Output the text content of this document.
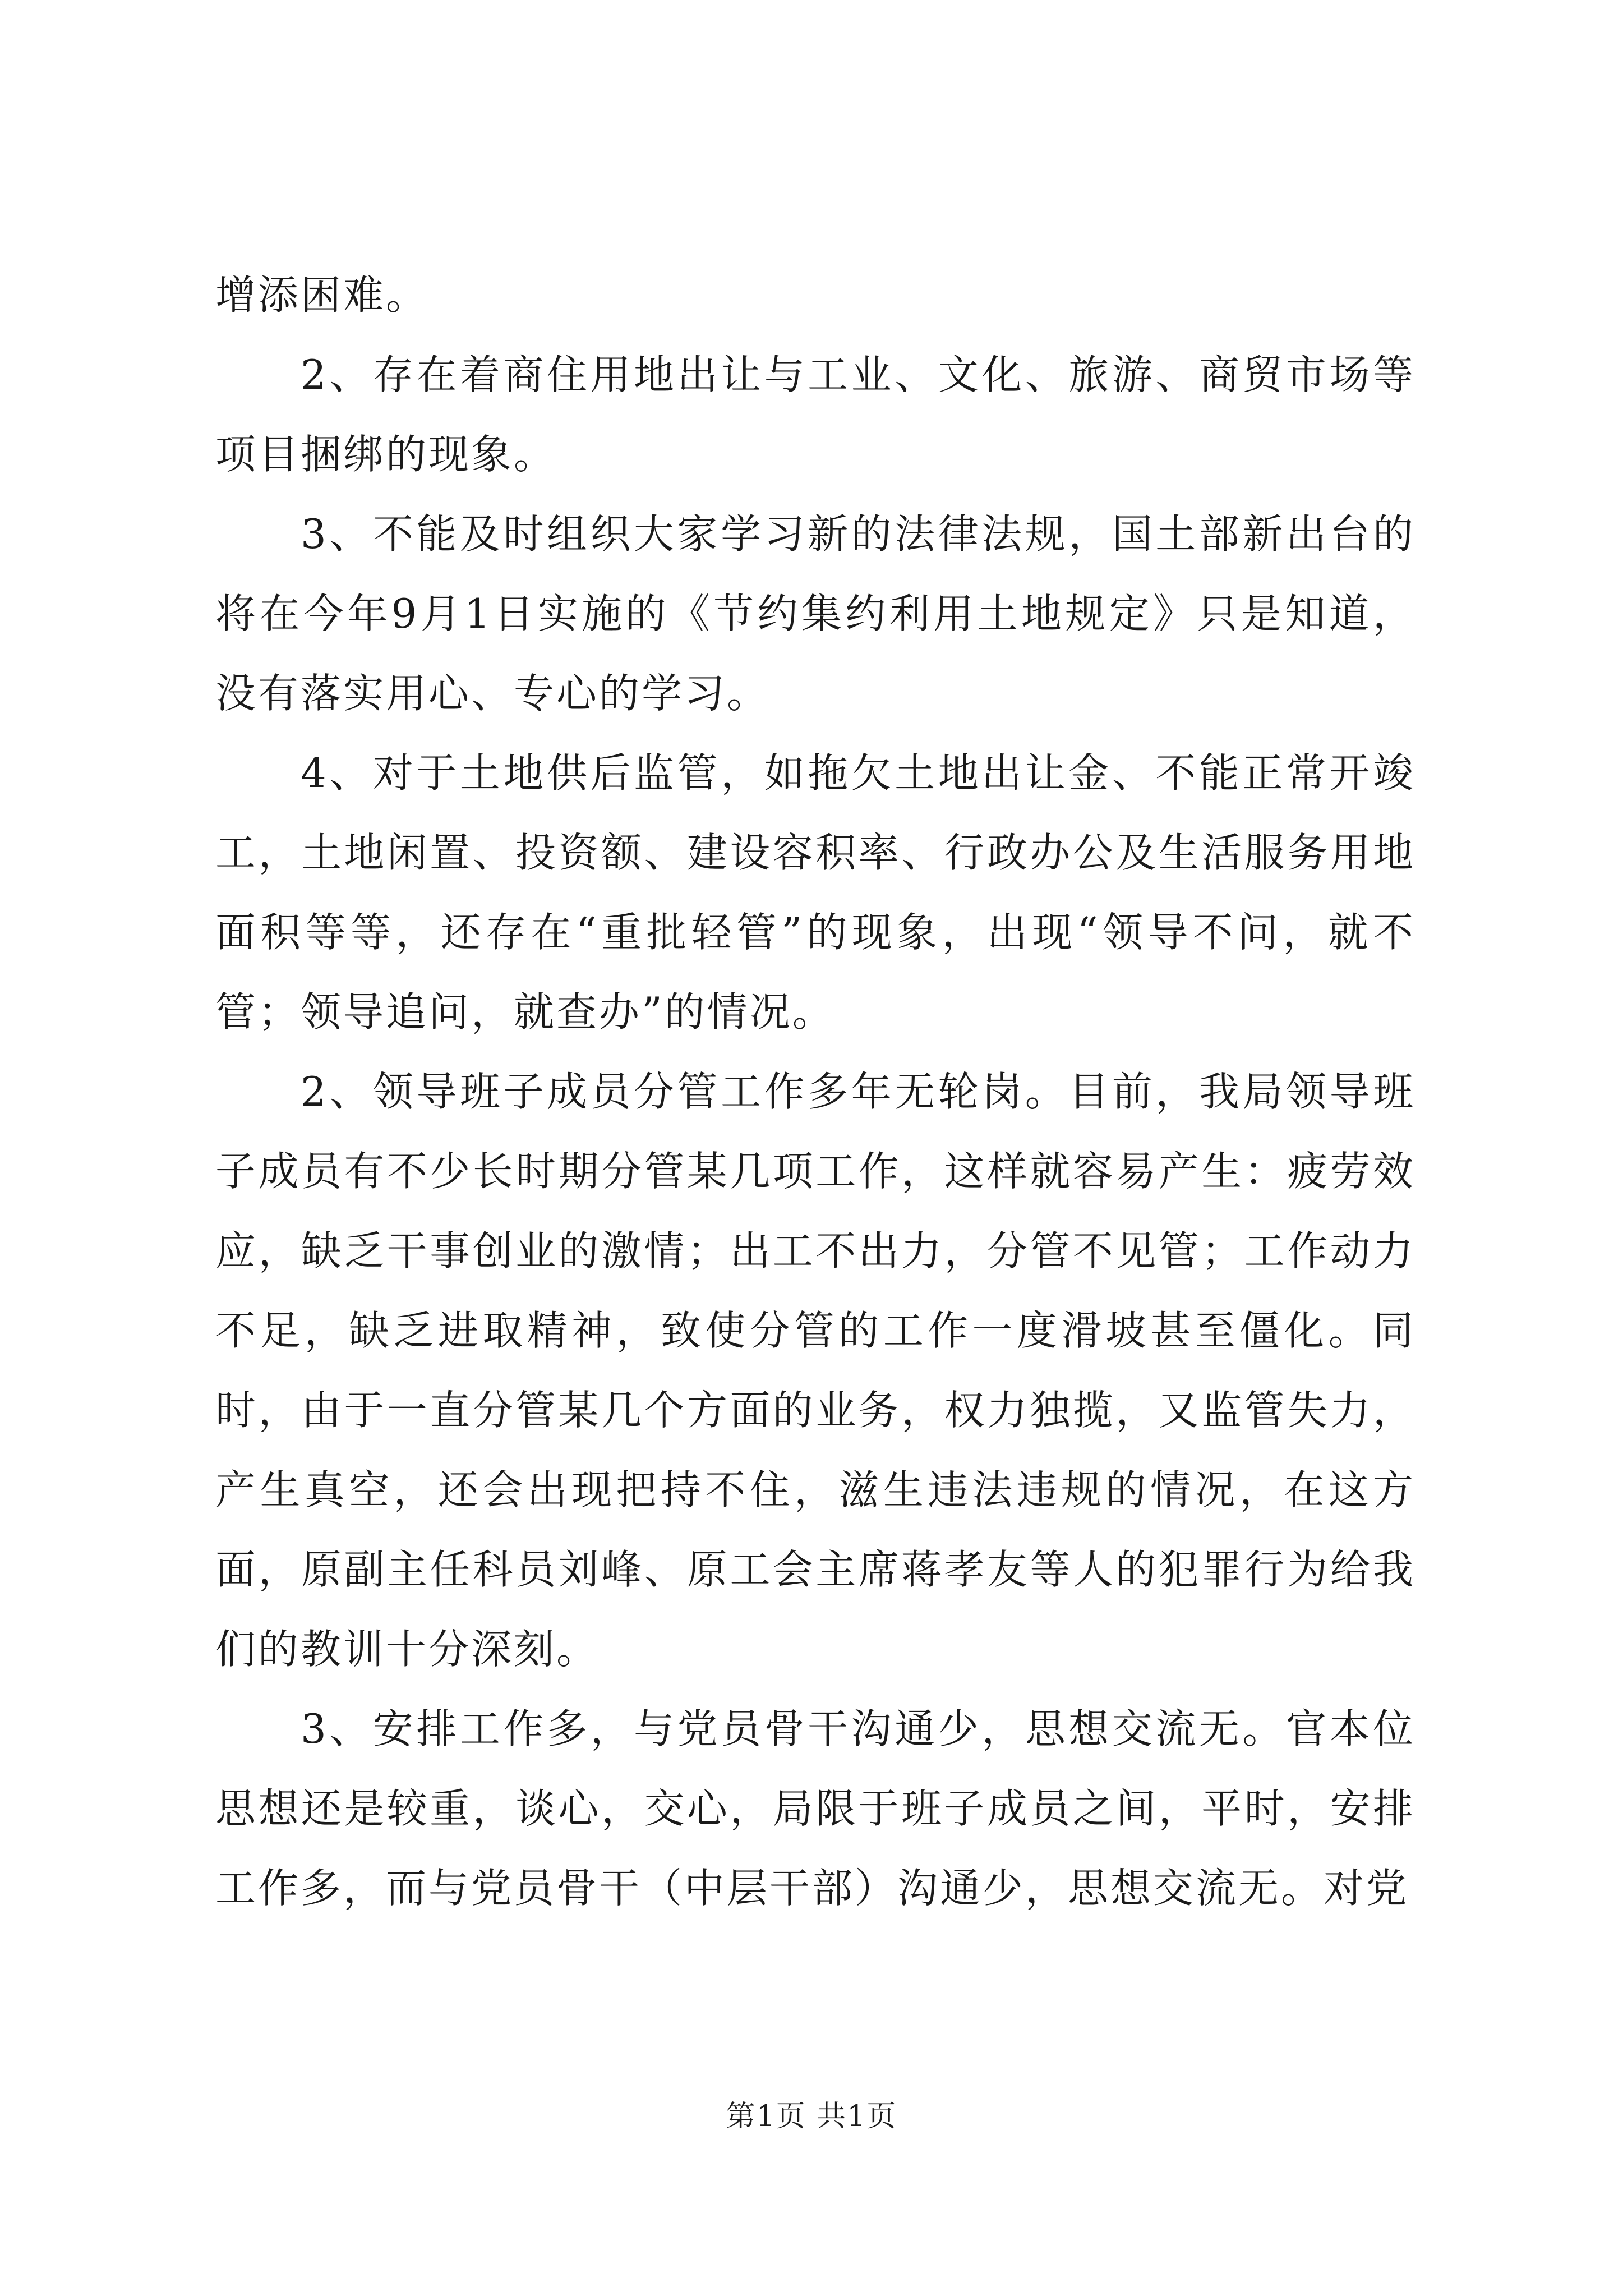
增添困难。

2、存在着商住用地出让与工业、文化、旅游、商贸市场等项目捆绑的现象。

3、不能及时组织大家学习新的法律法规，国土部新出台的将在今年9月1日实施的《节约集约利用土地规定》只是知道，没有落实用心、专心的学习。

4、对于土地供后监管，如拖欠土地出让金、不能正常开竣工，土地闲置、投资额、建设容积率、行政办公及生活服务用地面积等等，还存在“重批轻管”的现象，出现“领导不问，就不管；领导追问，就查办”的情况。

2、领导班子成员分管工作多年无轮岗。目前，我局领导班子成员有不少长时期分管某几项工作，这样就容易产生：疲劳效应，缺乏干事创业的激情；出工不出力，分管不见管；工作动力不足，缺乏进取精神，致使分管的工作一度滑坡甚至僵化。同时，由于一直分管某几个方面的业务，权力独揽，又监管失力，产生真空，还会出现把持不住，滋生违法违规的情况，在这方面，原副主任科员刘峰、原工会主席蒋孝友等人的犯罪行为给我们的教训十分深刻。

3、安排工作多，与党员骨干沟通少，思想交流无。官本位思想还是较重，谈心，交心，局限于班子成员之间，平时，安排工作多，而与党员骨干（中层干部）沟通少，思想交流无。对党

第1页 共1页
